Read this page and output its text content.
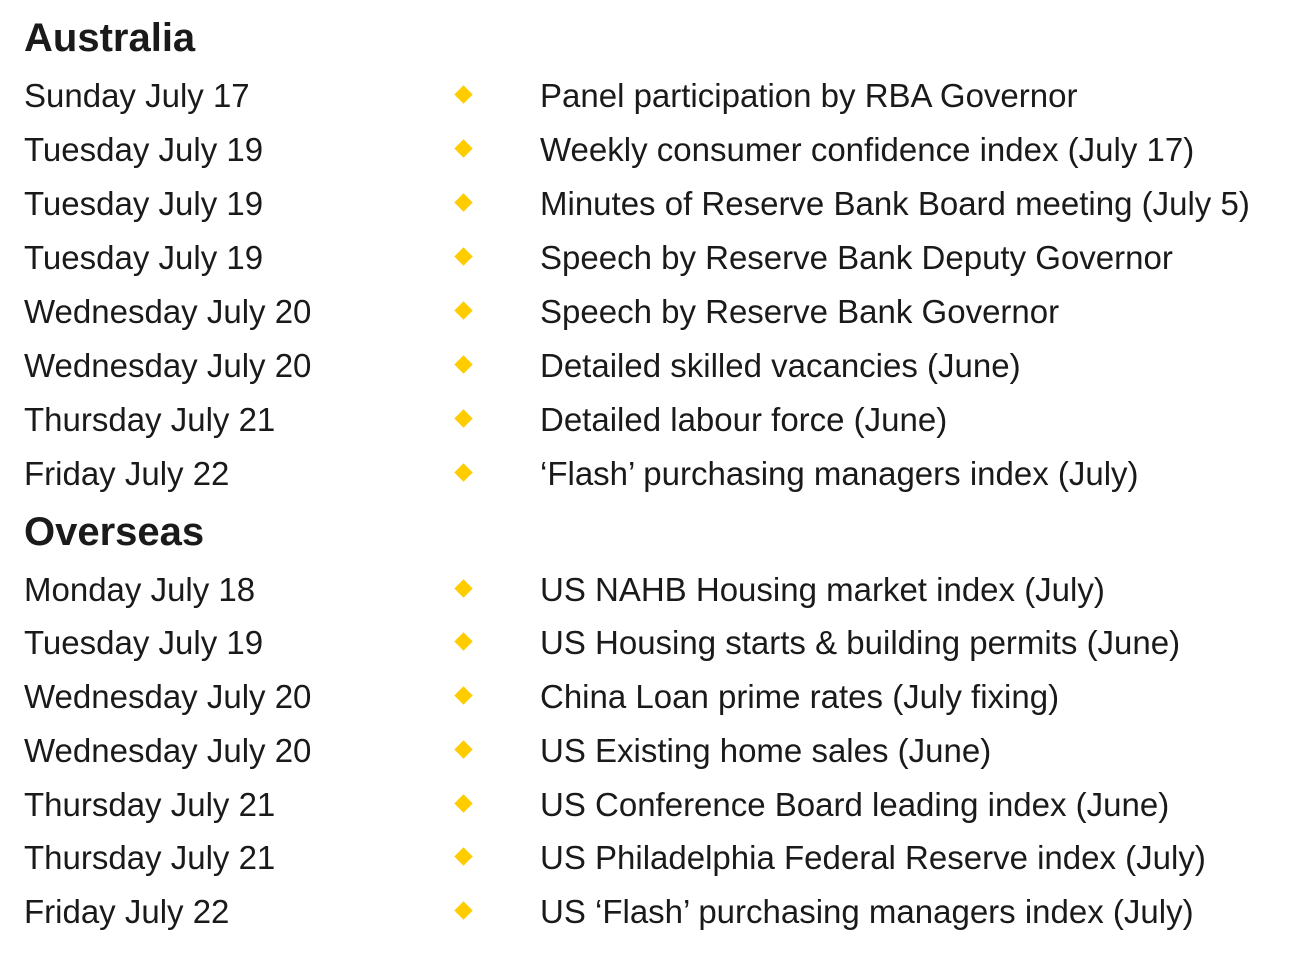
Australia
Sunday July 17	Panel participation by RBA Governor
Tuesday July 19	Weekly consumer confidence index (July 17)
Tuesday July 19	Minutes of Reserve Bank Board meeting (July 5)
Tuesday July 19	Speech by Reserve Bank Deputy Governor
Wednesday July 20	Speech by Reserve Bank Governor
Wednesday July 20	Detailed skilled vacancies (June)
Thursday July 21	Detailed labour force (June)
Friday July 22	‘Flash’ purchasing managers index (July)
Overseas
Monday July 18	US NAHB Housing market index (July)
Tuesday July 19	US Housing starts & building permits (June)
Wednesday July 20	China Loan prime rates (July fixing)
Wednesday July 20	US Existing home sales (June)
Thursday July 21	US Conference Board leading index (June)
Thursday July 21	US Philadelphia Federal Reserve index (July)
Friday July 22	US ‘Flash’ purchasing managers index (July)
